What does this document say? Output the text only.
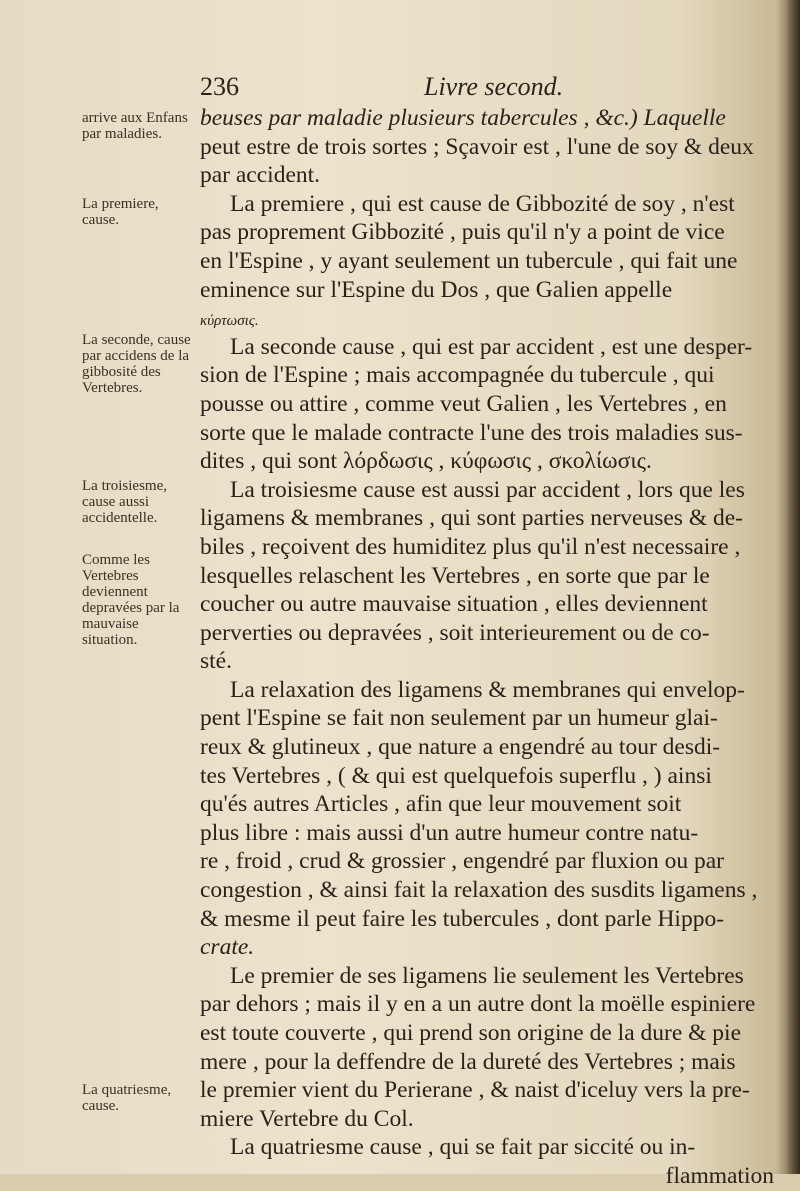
236	Livre second.
arrive aux Enfans par maladies.
La premiere, cause.
La seconde, cause par accidens de la gibbosité des Vertebres.
La troisiesme, cause aussi accidentelle.
Comme les Vertebres deviennent depravées par la mauvaise situation.
La quatriesme, cause.
beuses par maladie plusieurs tabercules , &c.) Laquelle
peut estre de trois sortes ; Sçavoir est , l'une de soy & deux
par accident.
La premiere , qui est cause de Gibbozité de soy , n'est
pas proprement Gibbozité , puis qu'il n'y a point de vice
en l'Espine , y ayant seulement un tubercule , qui fait une
eminence sur l'Espine du Dos , que Galien appelle
κύρτωσις.
La seconde cause , qui est par accident , est une desper-
sion de l'Espine ; mais accompagnée du tubercule , qui
pousse ou attire , comme veut Galien , les Vertebres , en
sorte que le malade contracte l'une des trois maladies sus-
dites , qui sont λόρδωσις , κύφωσις , σκολίωσις.
La troisiesme cause est aussi par accident , lors que les
ligamens & membranes , qui sont parties nerveuses & de-
biles , reçoivent des humiditez plus qu'il n'est necessaire ,
lesquelles relaschent les Vertebres , en sorte que par le
coucher ou autre mauvaise situation , elles deviennent
perverties ou depravées , soit interieurement ou de co-
sté.
La relaxation des ligamens & membranes qui envelop-
pent l'Espine se fait non seulement par un humeur glai-
reux & glutineux , que nature a engendré au tour desdi-
tes Vertebres , ( & qui est quelquefois superflu , ) ainsi
qu'és autres Articles , afin que leur mouvement soit
plus libre : mais aussi d'un autre humeur contre natu-
re , froid , crud & grossier , engendré par fluxion ou par
congestion , & ainsi fait la relaxation des susdits ligamens ,
& mesme il peut faire les tubercules , dont parle Hippo-
crate.
Le premier de ses ligamens lie seulement les Vertebres
par dehors ; mais il y en a un autre dont la moëlle espiniere
est toute couverte , qui prend son origine de la dure & pie
mere , pour la deffendre de la dureté des Vertebres ; mais
le premier vient du Perierane , & naist d'iceluy vers la pre-
miere Vertebre du Col.
La quatriesme cause , qui se fait par siccité ou in-
flammation
